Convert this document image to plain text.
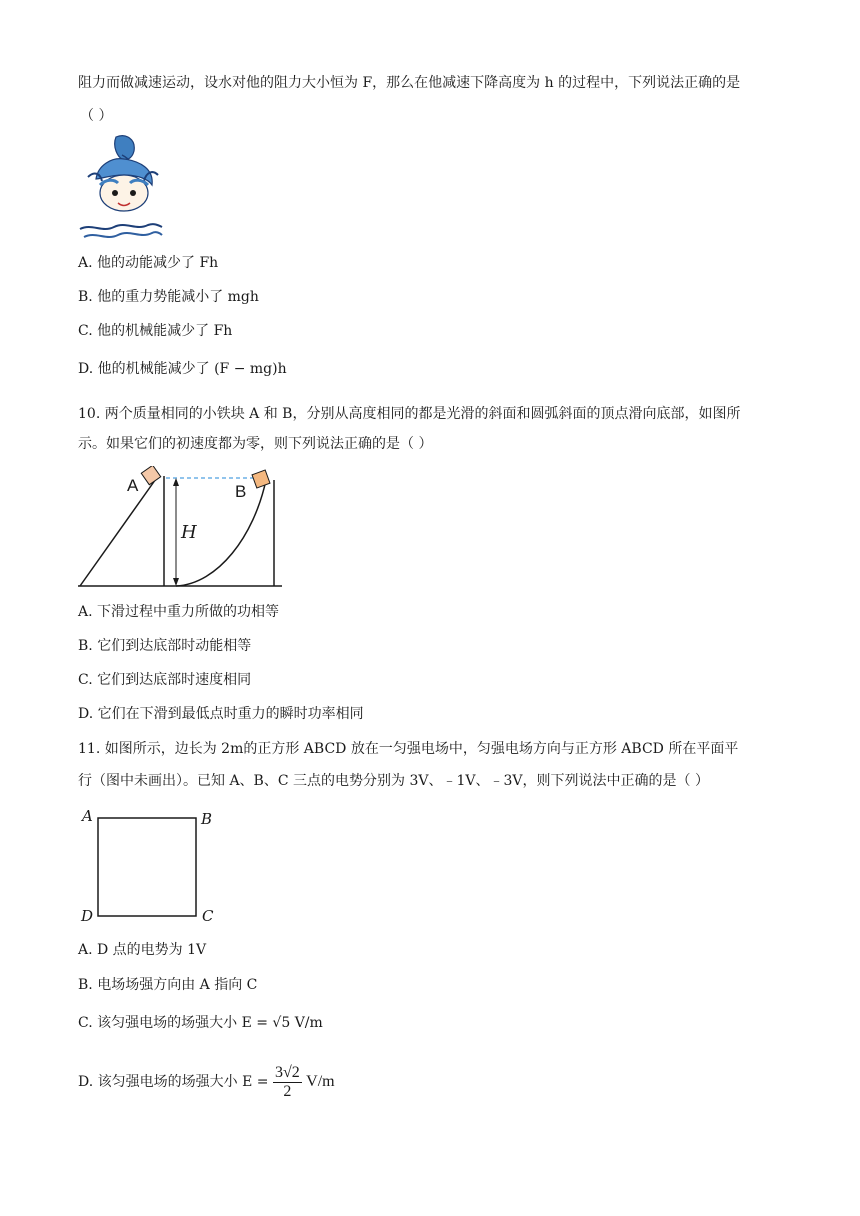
阻力而做减速运动，设水对他的阻力大小恒为 F，那么在他减速下降高度为 h 的过程中，下列说法正确的是
（ ）
A. 他的动能减少了 Fh
B. 他的重力势能减小了 mgh
C. 他的机械能减少了 Fh
D. 他的机械能减少了 (F − mg)h
10. 两个质量相同的小铁块 A 和 B，分别从高度相同的都是光滑的斜面和圆弧斜面的顶点滑向底部，如图所
示。如果它们的初速度都为零，则下列说法正确的是（ ）
A	B
H
A. 下滑过程中重力所做的功相等
B. 它们到达底部时动能相等
C. 它们到达底部时速度相同
D. 它们在下滑到最低点时重力的瞬时功率相同
11. 如图所示，边长为 2m的正方形 ABCD 放在一匀强电场中，匀强电场方向与正方形 ABCD 所在平面平
行（图中未画出）。已知 A、B、C 三点的电势分别为 3V、﹣1V、﹣3V，则下列说法中正确的是（ ）
A	B
C
D
A. D 点的电势为 1V
B. 电场场强方向由 A 指向 C
C. 该匀强电场的场强大小 E = √5 V/m
D. 该匀强电场的场强大小 $E = \frac{3√2}{2} V/m$
